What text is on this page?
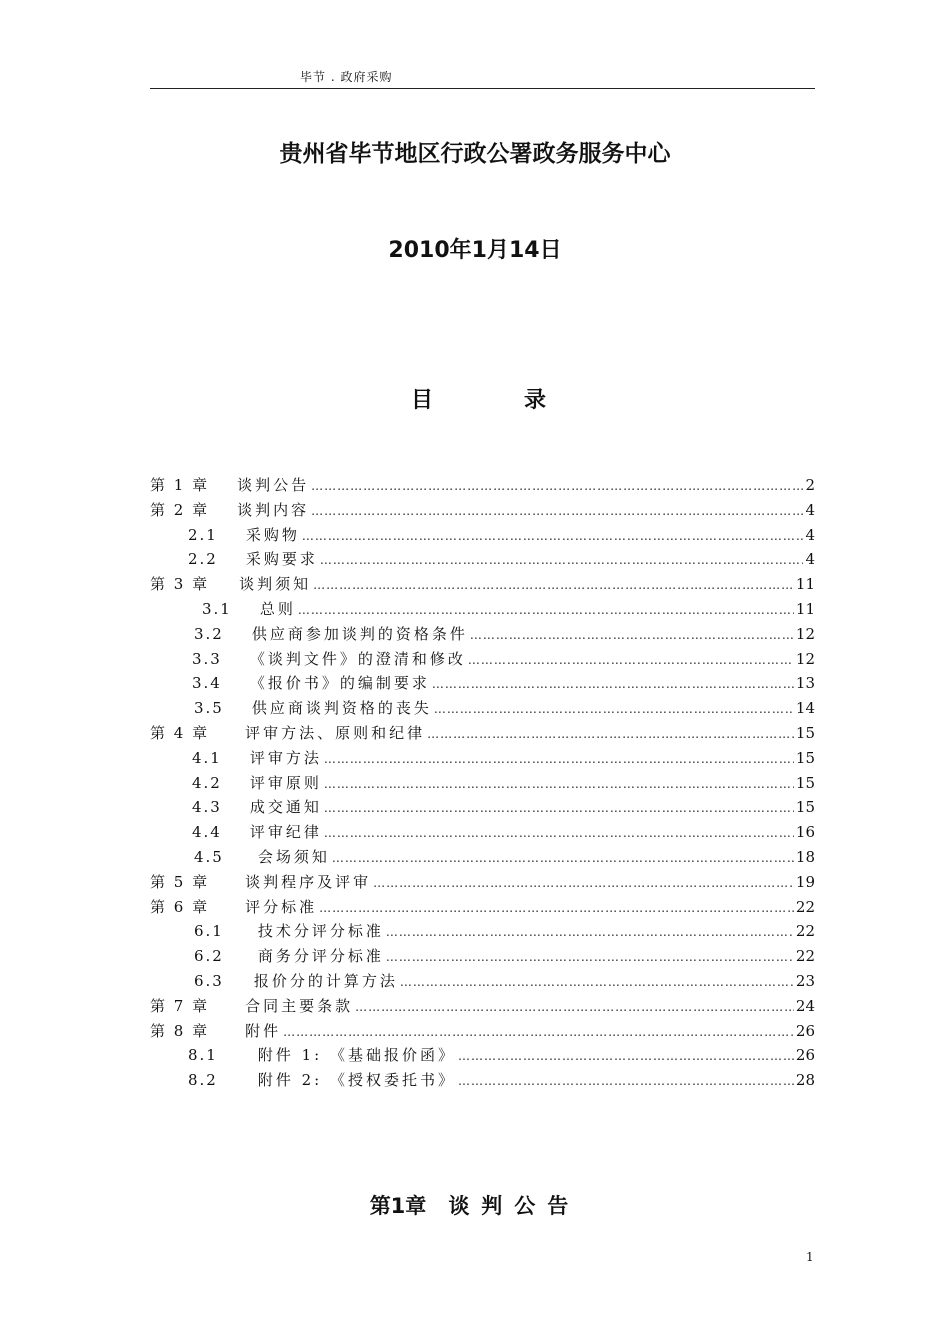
毕节 . 政府采购
贵州省毕节地区行政公署政务服务中心
2010年1月14日
目	录
第 1 章 谈判公告 …………………………………………………………………………………………………………………………………………	2
第 2 章 谈判内容 …………………………………………………………………………………………………………………………………………	4
2.1 采购物 …………………………………………………………………………………………………………………………………………	4
2.2 采购要求 …………………………………………………………………………………………………………………………………………	4
第 3 章 谈判须知 …………………………………………………………………………………………………………………………………………	11
3.1 总则 …………………………………………………………………………………………………………………………………………	11
3.2 供应商参加谈判的资格条件 …………………………………………………………………………………………………………………………………………	12
3.3 《谈判文件》的澄清和修改 …………………………………………………………………………………………………………………………………………	12
3.4 《报价书》的编制要求 …………………………………………………………………………………………………………………………………………	13
3.5 供应商谈判资格的丧失 …………………………………………………………………………………………………………………………………………	14
第 4 章 评审方法、原则和纪律 …………………………………………………………………………………………………………………………………………	15
4.1 评审方法 …………………………………………………………………………………………………………………………………………	15
4.2 评审原则 …………………………………………………………………………………………………………………………………………	15
4.3 成交通知 …………………………………………………………………………………………………………………………………………	15
4.4 评审纪律 …………………………………………………………………………………………………………………………………………	16
4.5 会场须知 …………………………………………………………………………………………………………………………………………	18
第 5 章 谈判程序及评审 …………………………………………………………………………………………………………………………………………	19
第 6 章 评分标准 …………………………………………………………………………………………………………………………………………	22
6.1 技术分评分标准 …………………………………………………………………………………………………………………………………………	22
6.2 商务分评分标准 …………………………………………………………………………………………………………………………………………	22
6.3 报价分的计算方法 …………………………………………………………………………………………………………………………………………	23
第 7 章 合同主要条款 …………………………………………………………………………………………………………………………………………	24
第 8 章 附件 …………………………………………………………………………………………………………………………………………	26
8.1	附件 1: 《基础报价函》 …………………………………………………………………………………………………………………………………………	26
8.2	附件 2: 《授权委托书》 …………………………………………………………………………………………………………………………………………	28
第1章 谈判公告
1
